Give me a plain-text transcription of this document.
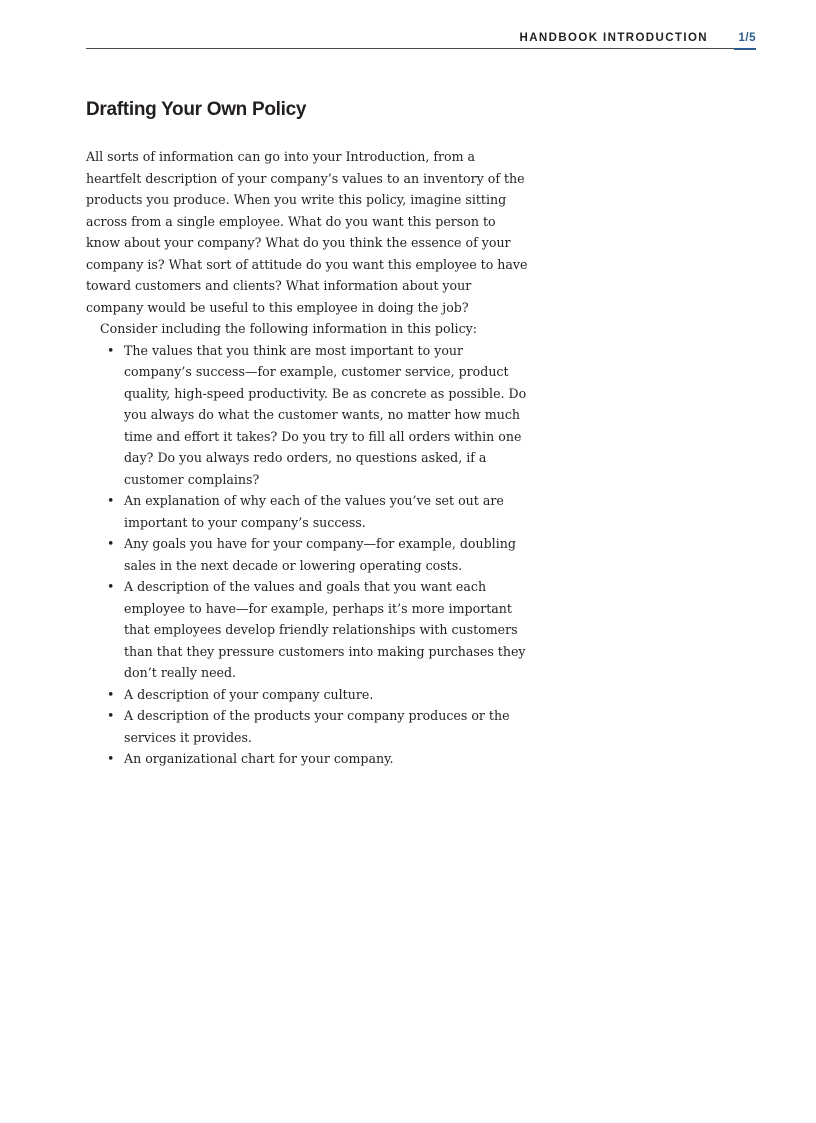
HANDBOOK INTRODUCTION	1/5
Drafting Your Own Policy

All sorts of information can go into your Introduction, from a heartfelt description of your company’s values to an inventory of the products you produce. When you write this policy, imagine sitting across from a single employee. What do you want this person to know about your company? What do you think the essence of your company is? What sort of attitude do you want this employee to have toward customers and clients? What information about your company would be useful to this employee in doing the job?

Consider including the following information in this policy:

• The values that you think are most important to your company’s success—for example, customer service, product quality, high-speed productivity. Be as concrete as possible. Do you always do what the customer wants, no matter how much time and effort it takes? Do you try to fill all orders within one day? Do you always redo orders, no questions asked, if a customer complains?
• An explanation of why each of the values you’ve set out are important to your company’s success.
• Any goals you have for your company—for example, doubling sales in the next decade or lowering operating costs.
• A description of the values and goals that you want each employee to have—for example, perhaps it’s more important that employees develop friendly relationships with customers than that they pressure customers into making purchases they don’t really need.
• A description of your company culture.
• A description of the products your company produces or the services it provides.
• An organizational chart for your company.
